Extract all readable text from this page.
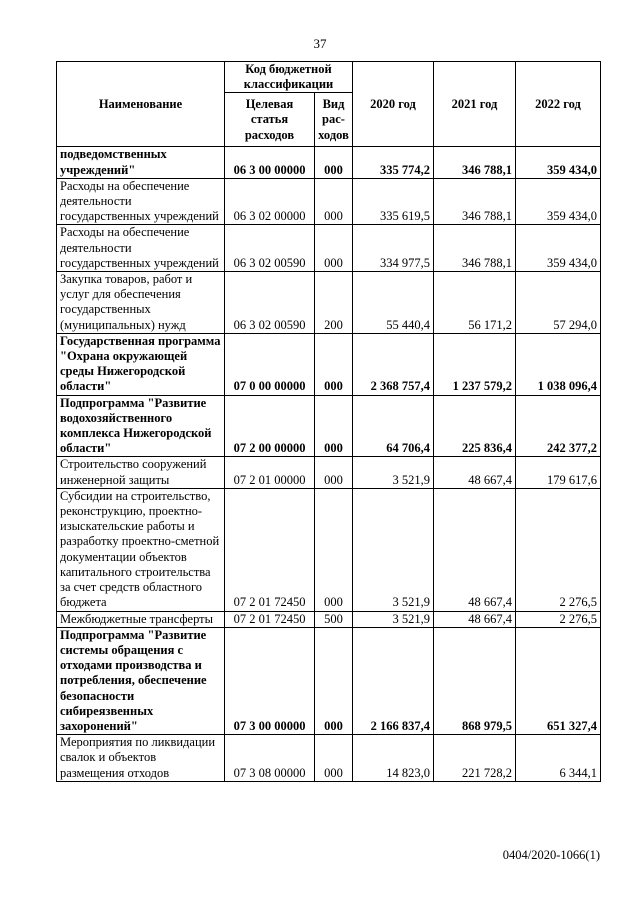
37
Наименование	Код бюджетной классификации		2020 год	2021 год	2022 год
	Целевая статья расходов	Вид рас-ходов			
подведомственных учреждений"	06 3 00 00000	000	335 774,2	346 788,1	359 434,0
Расходы на обеспечение деятельности государственных учреждений	06 3 02 00000	000	335 619,5	346 788,1	359 434,0
Расходы на обеспечение деятельности государственных учреждений	06 3 02 00590	000	334 977,5	346 788,1	359 434,0
Закупка товаров, работ и услуг для обеспечения государственных (муниципальных) нужд	06 3 02 00590	200	55 440,4	56 171,2	57 294,0
Государственная программа "Охрана окружающей среды Нижегородской области"	07 0 00 00000	000	2 368 757,4	1 237 579,2	1 038 096,4
Подпрограмма "Развитие водохозяйственного комплекса Нижегородской области"	07 2 00 00000	000	64 706,4	225 836,4	242 377,2
Строительство сооружений инженерной защиты	07 2 01 00000	000	3 521,9	48 667,4	179 617,6
Субсидии на строительство, реконструкцию, проектно-изыскательские работы и разработку проектно-сметной документации объектов капитального строительства за счет средств областного бюджета	07 2 01 72450	000	3 521,9	48 667,4	2 276,5
Межбюджетные трансферты	07 2 01 72450	500	3 521,9	48 667,4	2 276,5
Подпрограмма "Развитие системы обращения с отходами производства и потребления, обеспечение безопасности сибиреязвенных захоронений"	07 3 00 00000	000	2 166 837,4	868 979,5	651 327,4
Мероприятия по ликвидации свалок и объектов размещения отходов	07 3 08 00000	000	14 823,0	221 728,2	6 344,1
0404/2020-1066(1)
